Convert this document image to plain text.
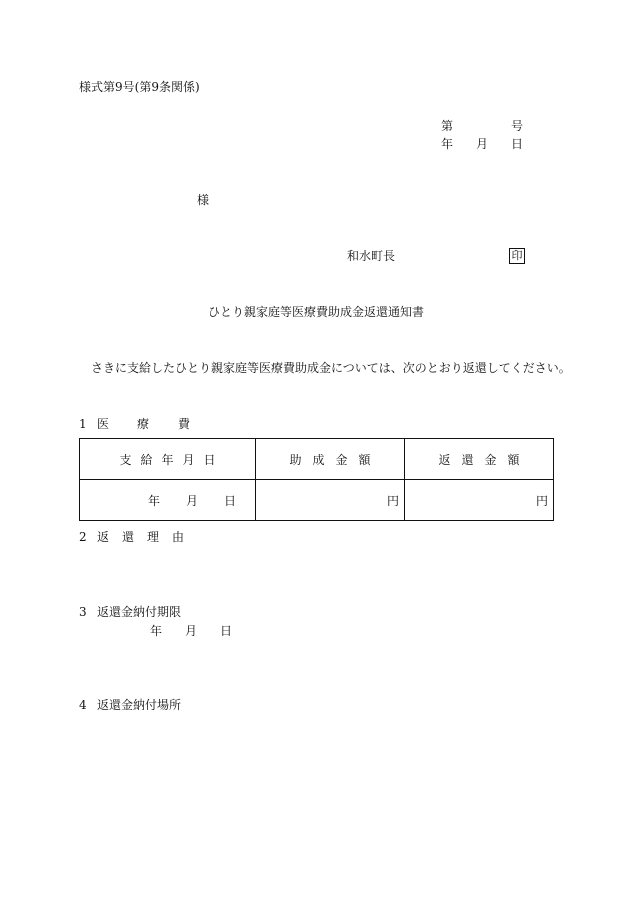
様式第9号(第9条関係)
第	号
年 月 日
様
和水町長	印
ひとり親家庭等医療費助成金返還通知書
さきに支給したひとり親家庭等医療費助成金については、次のとおり返還してください。
1 医 療 費
支 給 年 月 日	助 成 金 額	返 還 金 額
年 月 日	円	円
2 返 還 理 由
3 返還金納付期限
年 月 日
4 返還金納付場所
